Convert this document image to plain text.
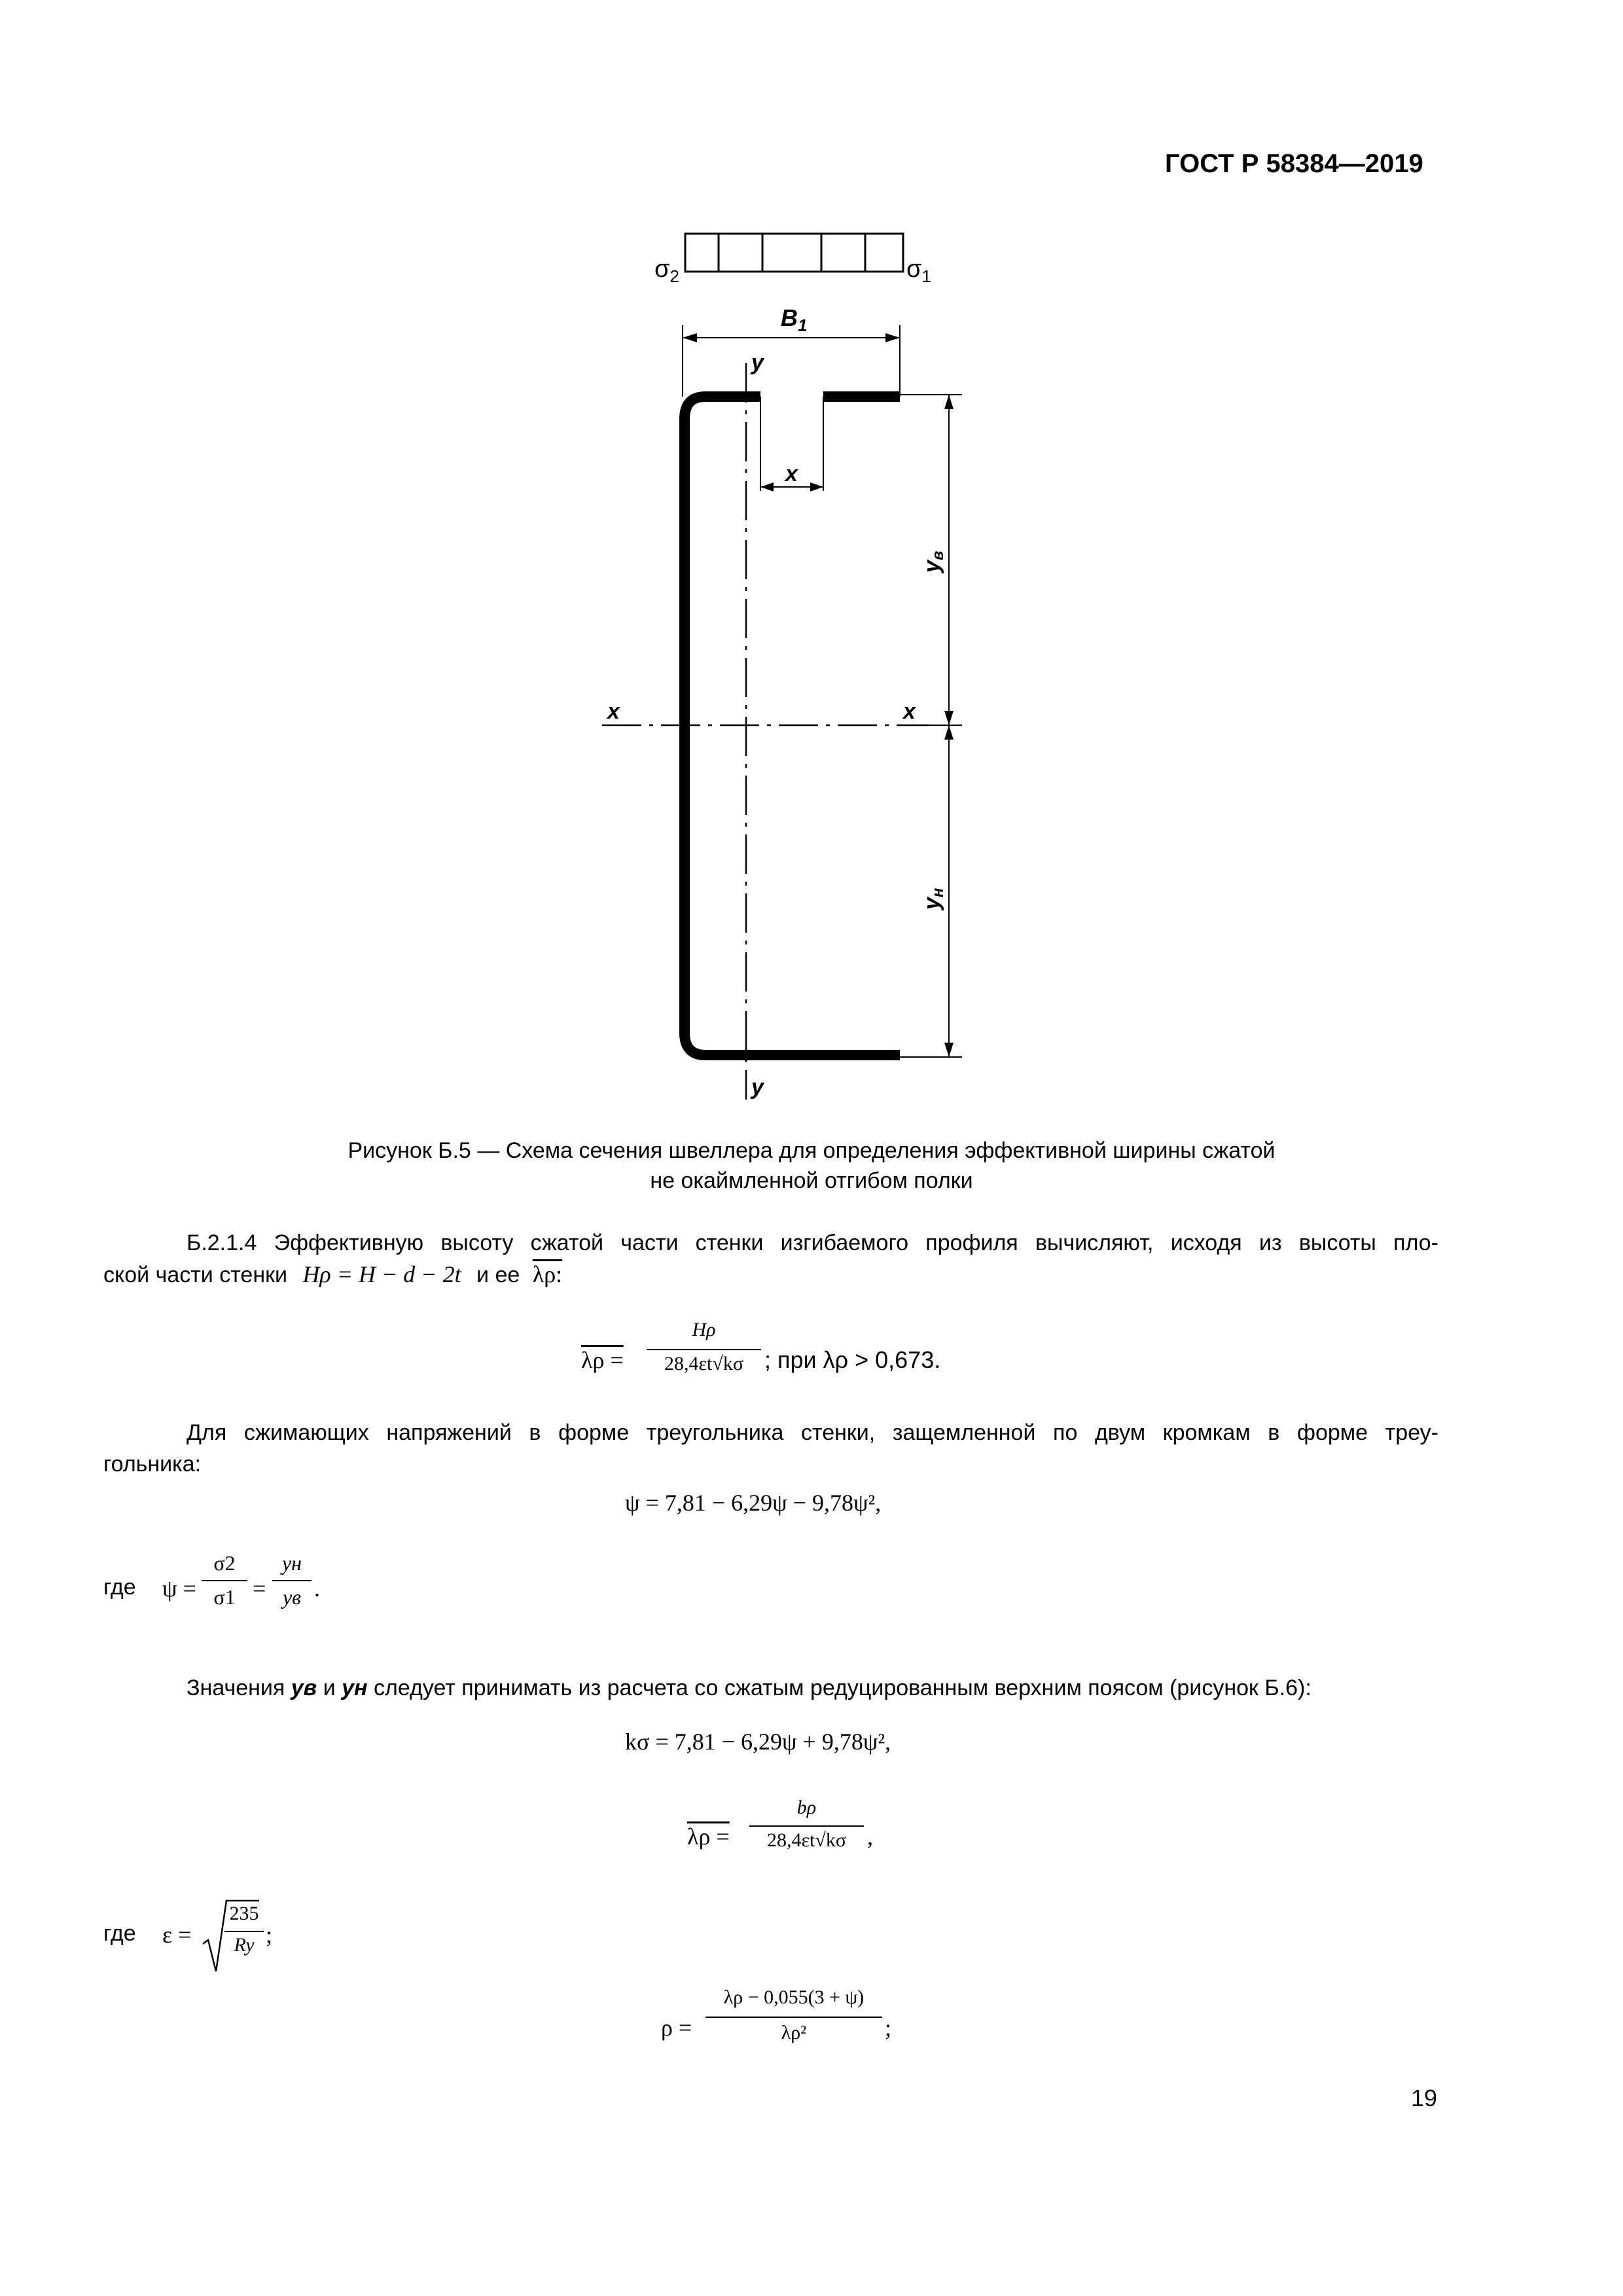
ГОСТ Р 58384—2019
$\sigma_2$	$\sigma_1$
$B_1$
y
y
x
x	x
yв
yн
Рисунок Б.5 — Схема сечения швеллера для определения эффективной ширины сжатой
не окаймленной отгибом полки
Б.2.1.4 Эффективную высоту сжатой части стенки изгибаемого профиля вычисляют, исходя из высоты пло-
ской части стенки Hρ = H − d − 2t и ее λρ:
λρ =
Hρ
28,4εt√kσ ; при λρ > 0,673.
Для сжимающих напряжений в форме треугольника стенки, защемленной по двум кромкам в форме треу-
гольника:
ψ = 7,81 − 6,29ψ − 9,78ψ²,
где ψ =
σ2
σ1 =
yн
yв .
Значения yв и yн следует принимать из расчета со сжатым редуцированным верхним поясом (рисунок Б.6):
kσ = 7,81 − 6,29ψ + 9,78ψ²,
λρ =
bρ
28,4εt√kσ ,
где ε =
235
Ry ;
ρ =
λρ − 0,055(3 + ψ)
λρ²	;
19
